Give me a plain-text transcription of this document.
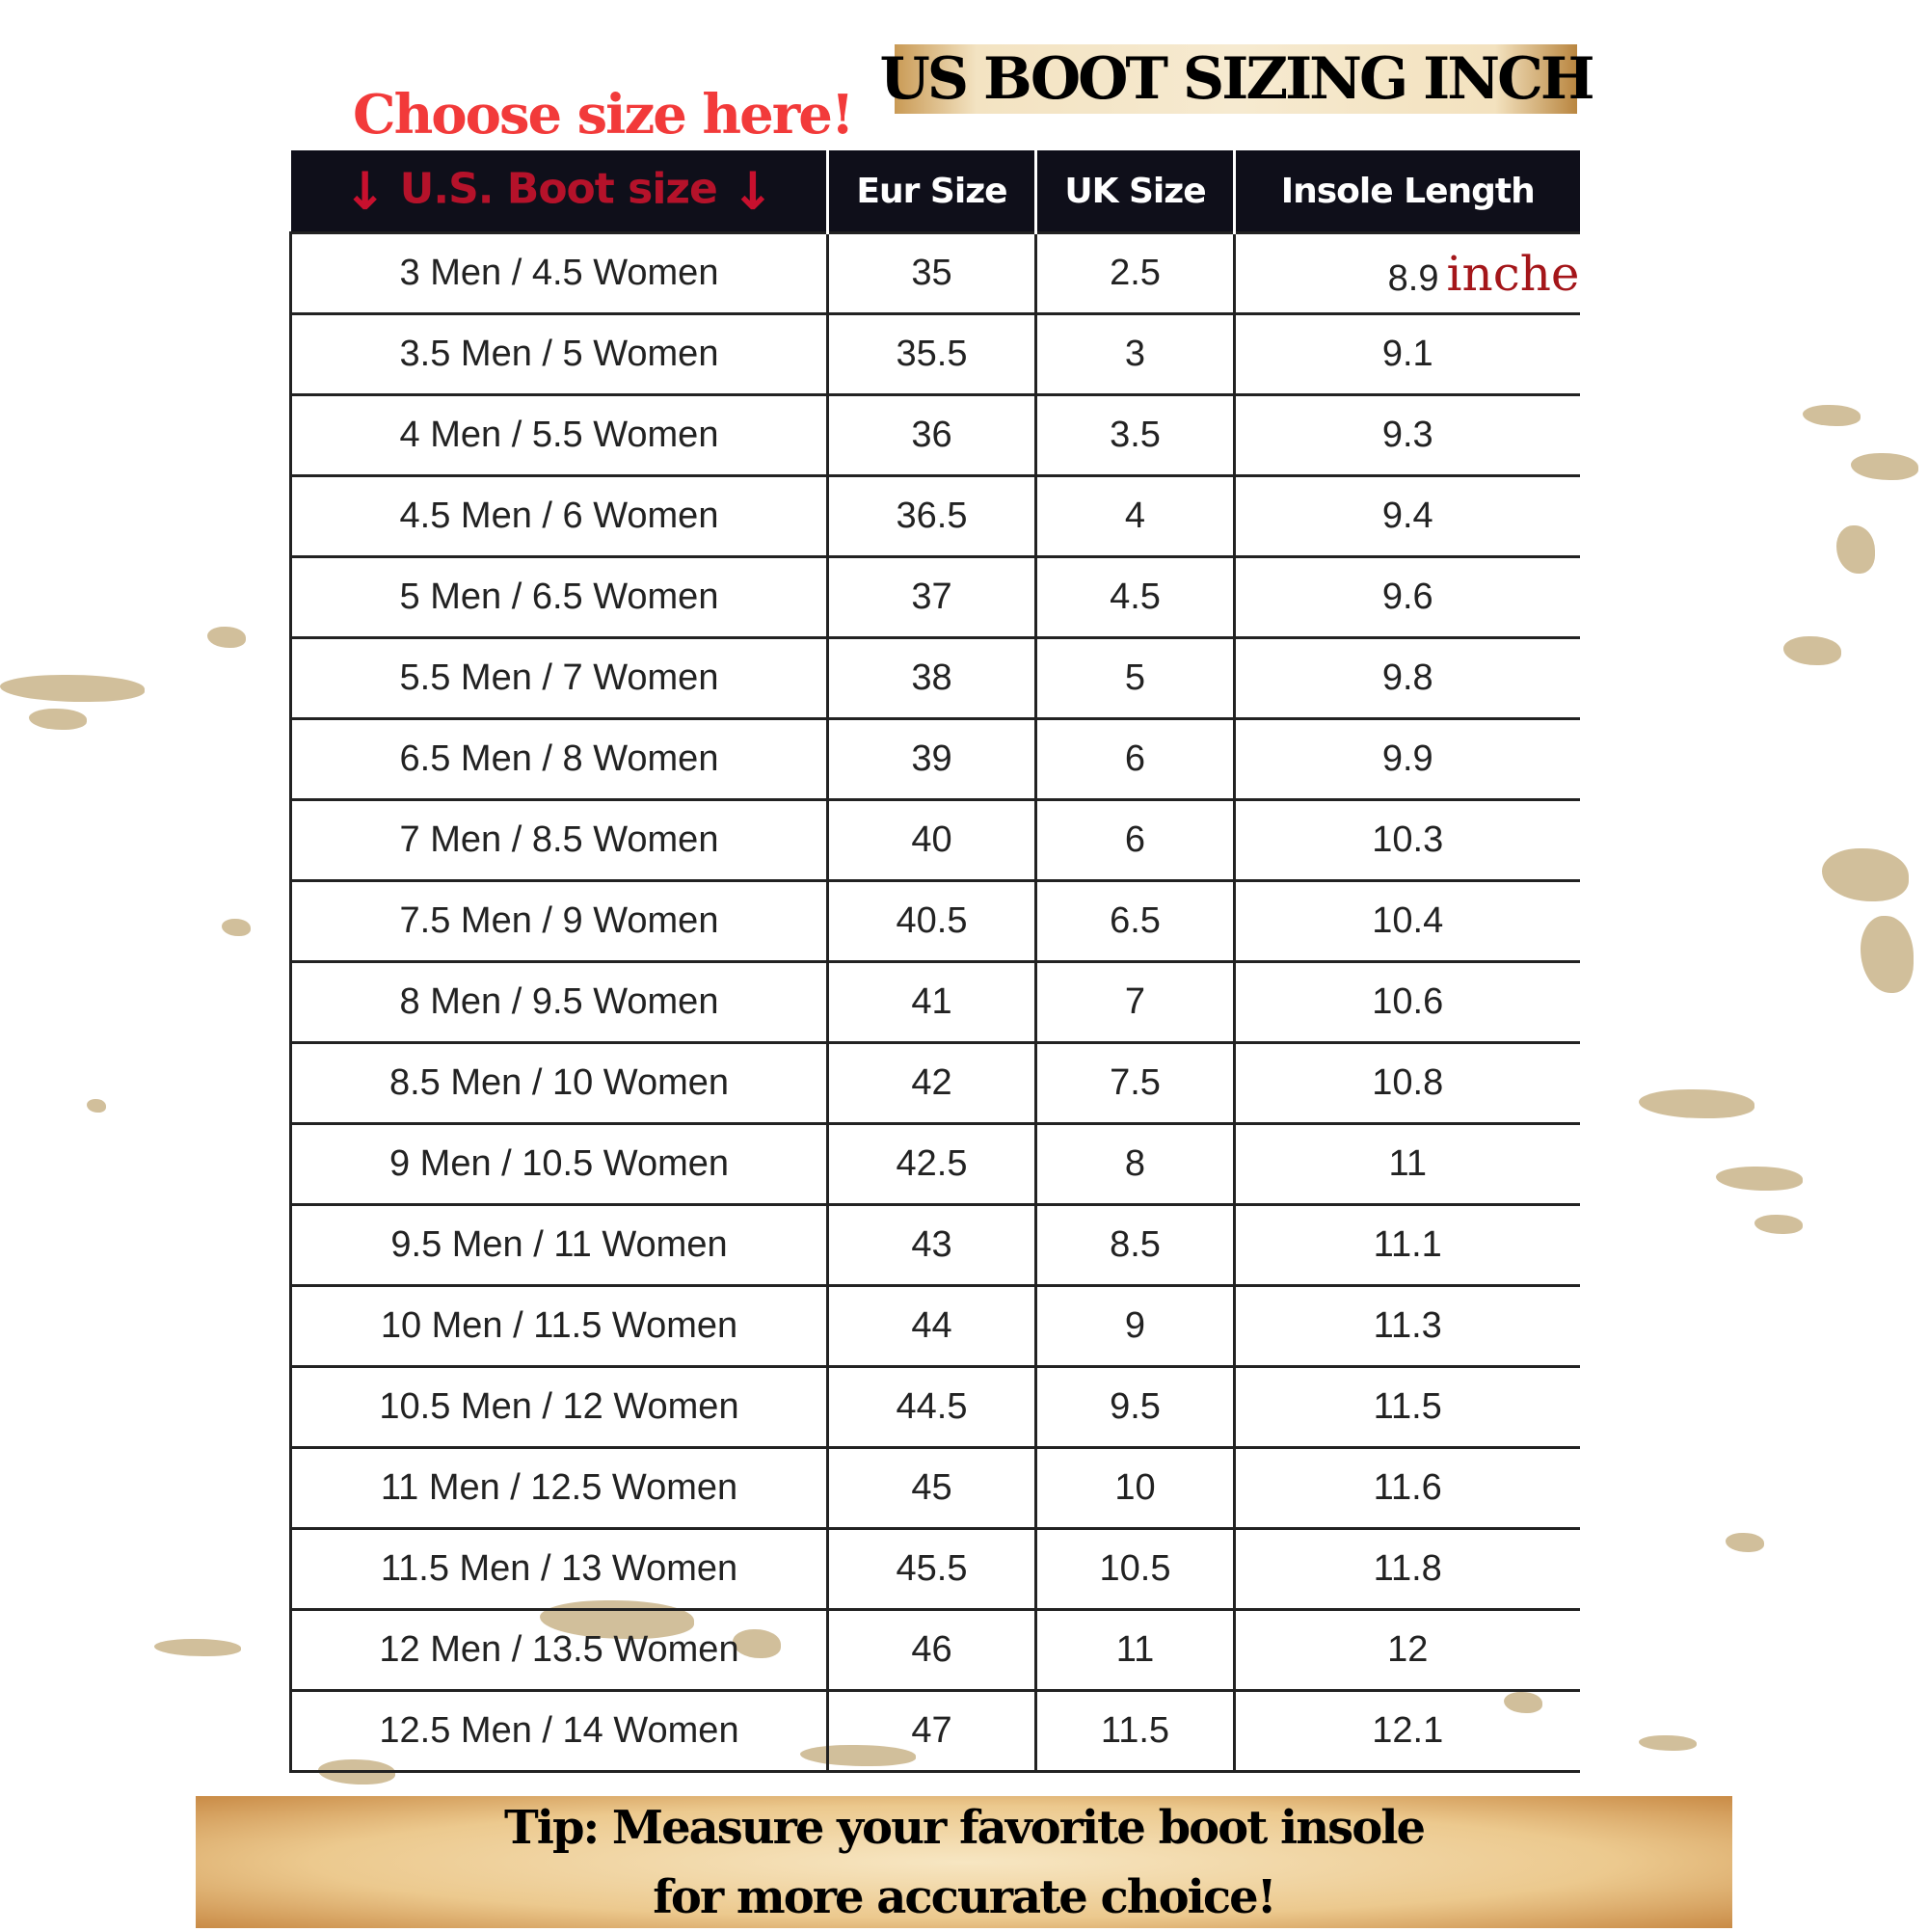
US BOOT SIZING INCH
Choose size here!
↓ U.S. Boot size ↓	Eur Size	UK Size	Insole Length
3 Men / 4.5 Women	35	2.5	8.9 inche
3.5 Men / 5 Women	35.5	3	9.1
4 Men / 5.5 Women	36	3.5	9.3
4.5 Men / 6 Women	36.5	4	9.4
5 Men / 6.5 Women	37	4.5	9.6
5.5 Men / 7 Women	38	5	9.8
6.5 Men / 8 Women	39	6	9.9
7 Men / 8.5 Women	40	6	10.3
7.5 Men / 9 Women	40.5	6.5	10.4
8 Men / 9.5 Women	41	7	10.6
8.5 Men / 10 Women	42	7.5	10.8
9 Men / 10.5 Women	42.5	8	11
9.5 Men / 11 Women	43	8.5	11.1
10 Men / 11.5 Women	44	9	11.3
10.5 Men / 12 Women	44.5	9.5	11.5
11 Men / 12.5 Women	45	10	11.6
11.5 Men / 13 Women	45.5	10.5	11.8
12 Men / 13.5 Women	46	11	12
12.5 Men / 14 Women	47	11.5	12.1
Tip: Measure your favorite boot insole
for more accurate choice!
